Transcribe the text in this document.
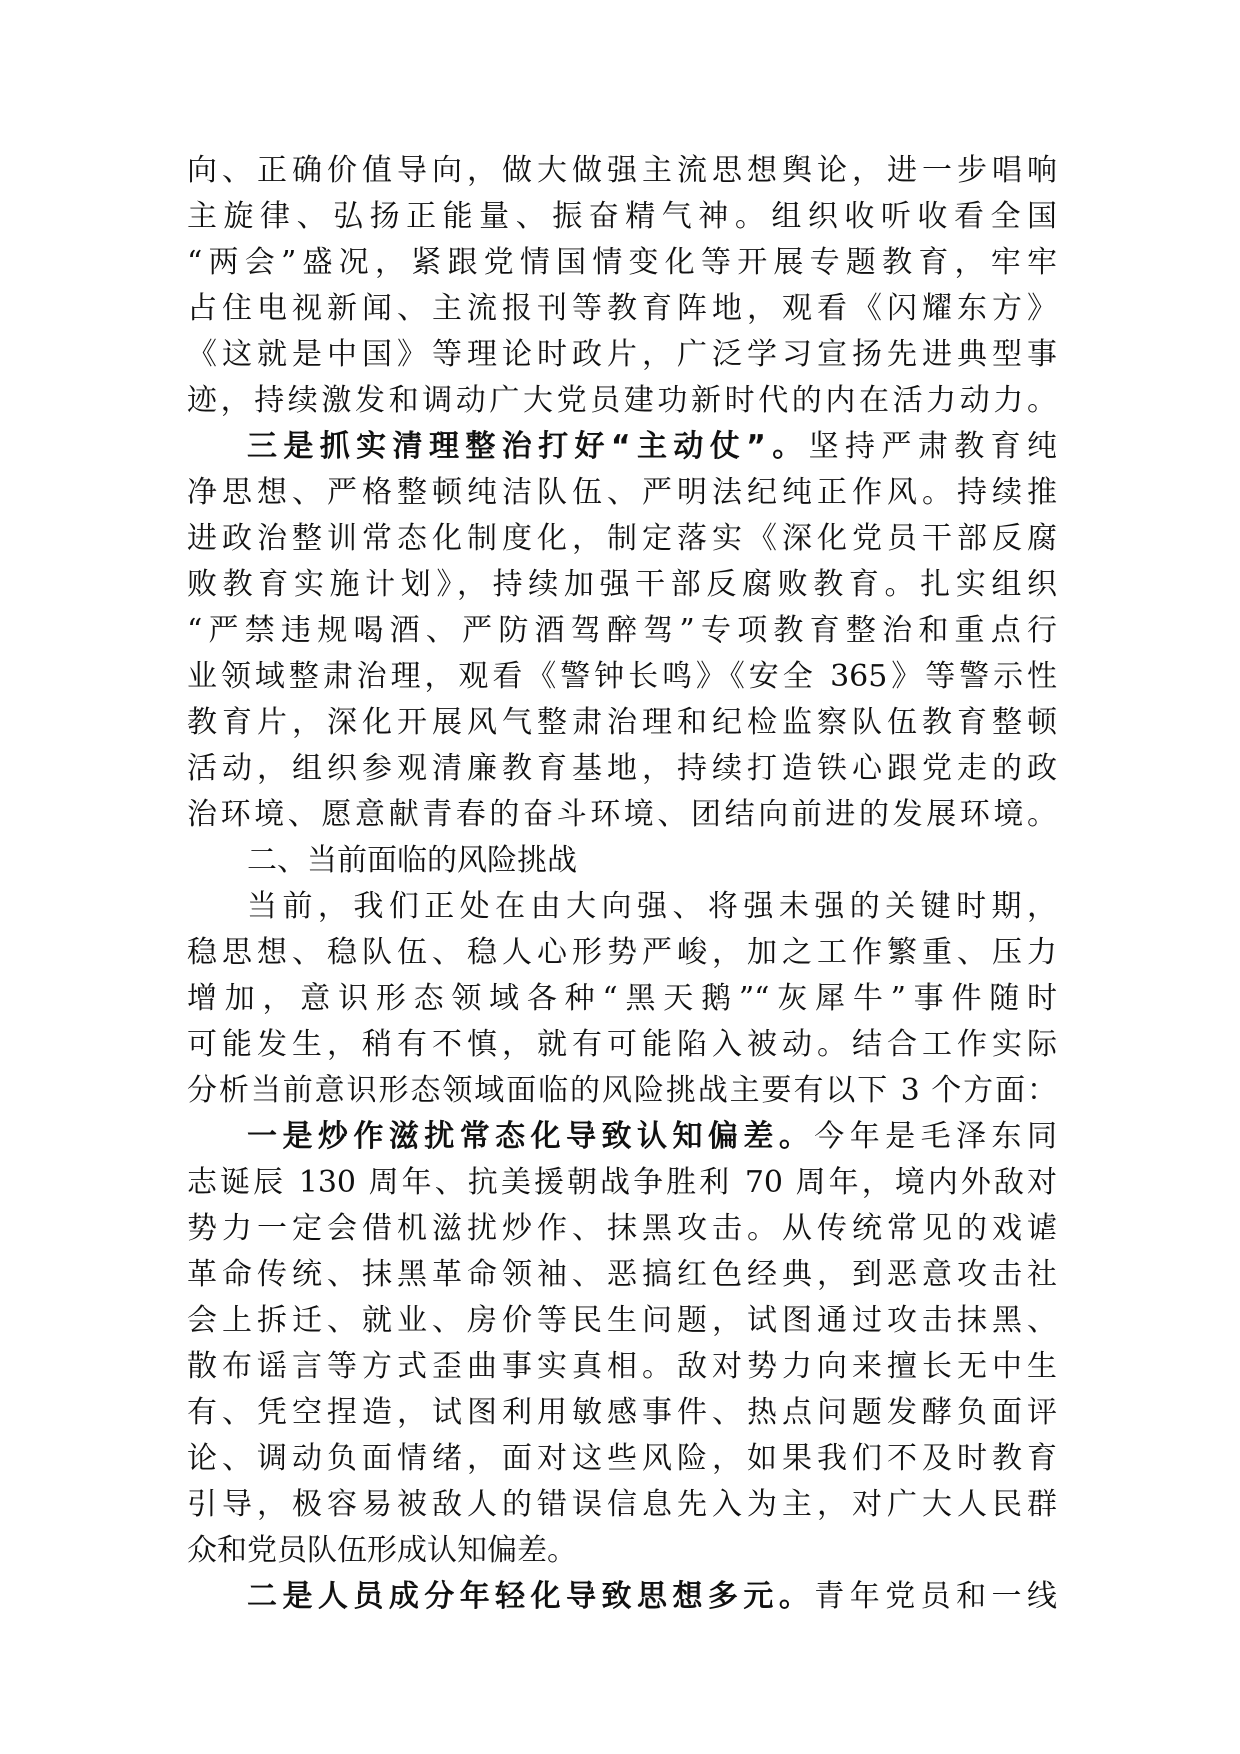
向、正确价值导向，做大做强主流思想舆论，进一步唱响
主旋律、弘扬正能量、振奋精气神。组织收听收看全国
“两会”盛况，紧跟党情国情变化等开展专题教育，牢牢
占住电视新闻、主流报刊等教育阵地，观看《闪耀东方》
《这就是中国》等理论时政片，广泛学习宣扬先进典型事
迹，持续激发和调动广大党员建功新时代的内在活力动力。
三是抓实清理整治打好“主动仗”。坚持严肃教育纯
净思想、严格整顿纯洁队伍、严明法纪纯正作风。持续推
进政治整训常态化制度化，制定落实《深化党员干部反腐
败教育实施计划》，持续加强干部反腐败教育。扎实组织
“严禁违规喝酒、严防酒驾醉驾”专项教育整治和重点行
业领域整肃治理，观看《警钟长鸣》《安全 365》等警示性
教育片，深化开展风气整肃治理和纪检监察队伍教育整顿
活动，组织参观清廉教育基地，持续打造铁心跟党走的政
治环境、愿意献青春的奋斗环境、团结向前进的发展环境。
二、当前面临的风险挑战
当前，我们正处在由大向强、将强未强的关键时期，
稳思想、稳队伍、稳人心形势严峻，加之工作繁重、压力
增加，意识形态领域各种“黑天鹅”“灰犀牛”事件随时
可能发生，稍有不慎，就有可能陷入被动。结合工作实际
分析当前意识形态领域面临的风险挑战主要有以下 3 个方面：
一是炒作滋扰常态化导致认知偏差。今年是毛泽东同
志诞辰 130 周年、抗美援朝战争胜利 70 周年，境内外敌对
势力一定会借机滋扰炒作、抹黑攻击。从传统常见的戏谑
革命传统、抹黑革命领袖、恶搞红色经典，到恶意攻击社
会上拆迁、就业、房价等民生问题，试图通过攻击抹黑、
散布谣言等方式歪曲事实真相。敌对势力向来擅长无中生
有、凭空捏造，试图利用敏感事件、热点问题发酵负面评
论、调动负面情绪，面对这些风险，如果我们不及时教育
引导，极容易被敌人的错误信息先入为主，对广大人民群
众和党员队伍形成认知偏差。
二是人员成分年轻化导致思想多元。青年党员和一线
